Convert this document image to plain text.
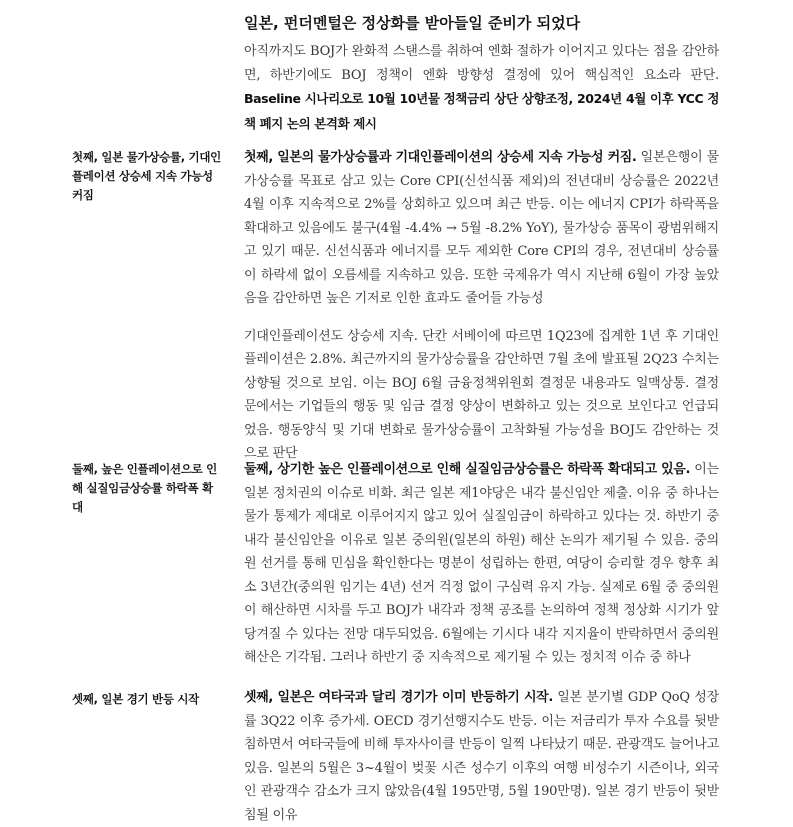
일본, 펀더멘털은 정상화를 받아들일 준비가 되었다

아직까지도 BOJ가 완화적 스탠스를 취하여 엔화 절하가 이어지고 있다는 점을 감안하면, 하반기에도 BOJ 정책이 엔화 방향성 결정에 있어 핵심적인 요소라 판단. Baseline 시나리오로 10월 10년물 정책금리 상단 상향조정, 2024년 4월 이후 YCC 정책 폐지 논의 본격화 제시

첫째, 일본 물가상승률, 기대인플레이션 상승세 지속 가능성 커짐

첫째, 일본의 물가상승률과 기대인플레이션의 상승세 지속 가능성 커짐. 일본은행이 물가상승률 목표로 삼고 있는 Core CPI(신선식품 제외)의 전년대비 상승률은 2022년 4월 이후 지속적으로 2%를 상회하고 있으며 최근 반등. 이는 에너지 CPI가 하락폭을 확대하고 있음에도 불구(4월 -4.4% → 5월 -8.2% YoY), 물가상승 품목이 광범위해지고 있기 때문. 신선식품과 에너지를 모두 제외한 Core CPI의 경우, 전년대비 상승률이 하락세 없이 오름세를 지속하고 있음. 또한 국제유가 역시 지난해 6월이 가장 높았음을 감안하면 높은 기저로 인한 효과도 줄어들 가능성

기대인플레이션도 상승세 지속. 단칸 서베이에 따르면 1Q23에 집계한 1년 후 기대인플레이션은 2.8%. 최근까지의 물가상승률을 감안하면 7월 초에 발표될 2Q23 수치는 상향될 것으로 보임. 이는 BOJ 6월 금융정책위원회 결정문 내용과도 일맥상통. 결정문에서는 기업들의 행동 및 임금 결정 양상이 변화하고 있는 것으로 보인다고 언급되었음. 행동양식 및 기대 변화로 물가상승률이 고착화될 가능성을 BOJ도 감안하는 것으로 판단

둘째, 높은 인플레이션으로 인해 실질임금상승률 하락폭 확대

둘째, 상기한 높은 인플레이션으로 인해 실질임금상승률은 하락폭 확대되고 있음. 이는 일본 정치권의 이슈로 비화. 최근 일본 제1야당은 내각 불신임안 제출. 이유 중 하나는 물가 통제가 제대로 이루어지지 않고 있어 실질임금이 하락하고 있다는 것. 하반기 중 내각 불신임안을 이유로 일본 중의원(일본의 하원) 해산 논의가 제기될 수 있음. 중의원 선거를 통해 민심을 확인한다는 명분이 성립하는 한편, 여당이 승리할 경우 향후 최소 3년간(중의원 임기는 4년) 선거 걱정 없이 구심력 유지 가능. 실제로 6월 중 중의원이 해산하면 시차를 두고 BOJ가 내각과 정책 공조를 논의하여 정책 정상화 시기가 앞당겨질 수 있다는 전망 대두되었음. 6월에는 기시다 내각 지지율이 반락하면서 중의원 해산은 기각됨. 그러나 하반기 중 지속적으로 제기될 수 있는 정치적 이슈 중 하나

셋째, 일본 경기 반등 시작	셋째, 일본은 여타국과 달리 경기가 이미 반등하기 시작. 일본 분기별 GDP QoQ 성장률 3Q22 이후 증가세. OECD 경기선행지수도 반등. 이는 저금리가 투자 수요를 뒷받침하면서 여타국들에 비해 투자사이클 반등이 일찍 나타났기 때문. 관광객도 늘어나고 있음. 일본의 5월은 3~4월이 벚꽃 시즌 성수기 이후의 여행 비성수기 시즌이나, 외국인 관광객수 감소가 크지 않았음(4월 195만명, 5월 190만명). 일본 경기 반등이 뒷받침될 이유
